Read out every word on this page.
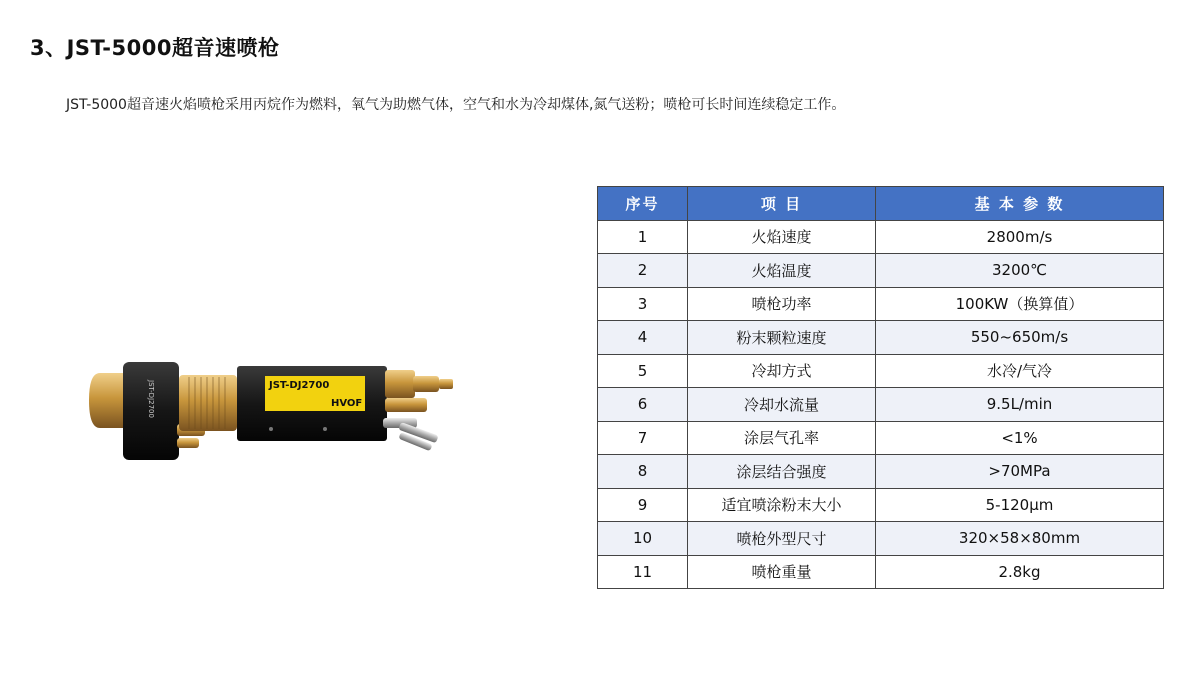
3、JST-5000超音速喷枪
JST-5000超音速火焰喷枪采用丙烷作为燃料，氧气为助燃气体，空气和水为冷却煤体,氮气送粉；喷枪可长时间连续稳定工作。
JST-DJ2700	JST-DJ2700
HVOF
序号	项 目	基 本 参 数
1	火焰速度	2800m/s
2	火焰温度	3200℃
3	喷枪功率	100KW（换算值）
4	粉末颗粒速度	550~650m/s
5	冷却方式	水冷/气冷
6	冷却水流量	9.5L/min
7	涂层气孔率	<1%
8	涂层结合强度	>70MPa
9	适宜喷涂粉末大小	5-120μm
10	喷枪外型尺寸	320×58×80mm
11	喷枪重量	2.8kg
